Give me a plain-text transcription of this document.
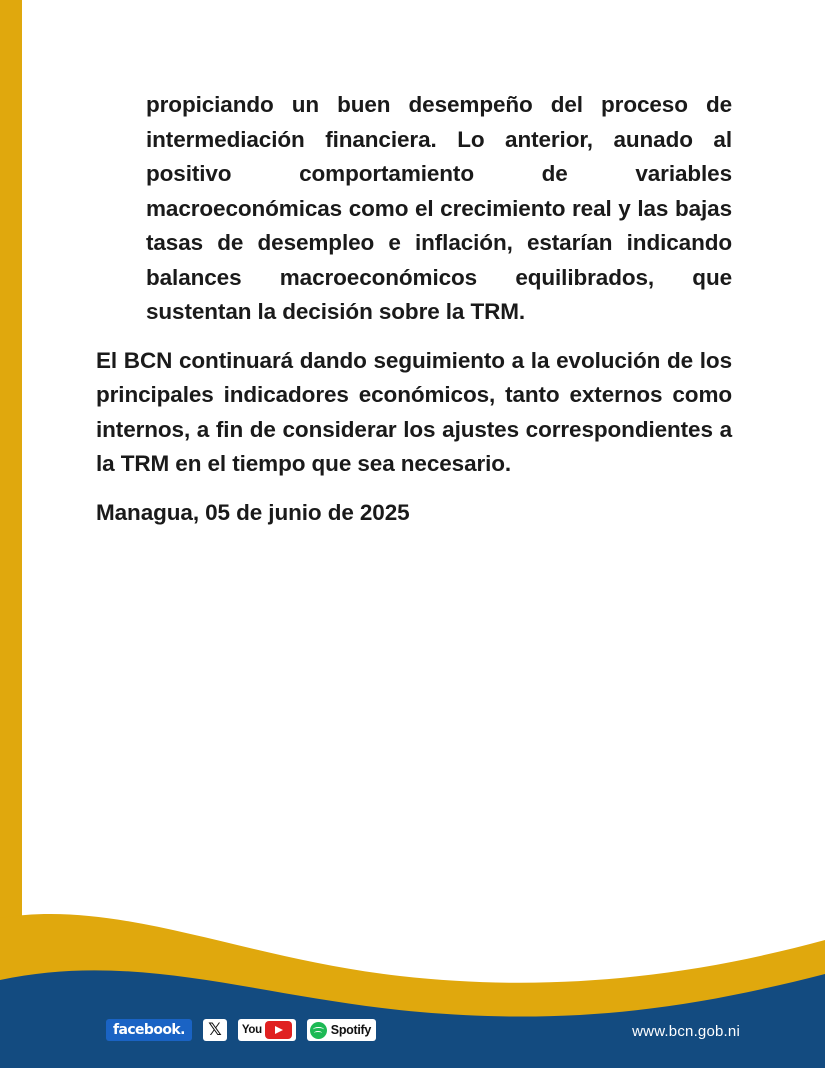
propiciando un buen desempeño del proceso de intermediación financiera. Lo anterior, aunado al positivo comportamiento de variables macroeconómicas como el crecimiento real y las bajas tasas de desempleo e inflación, estarían indicando balances macroeconómicos equilibrados, que sustentan la decisión sobre la TRM.

El BCN continuará dando seguimiento a la evolución de los principales indicadores económicos, tanto externos como internos, a fin de considerar los ajustes correspondientes a la TRM en el tiempo que sea necesario.

Managua, 05 de junio de 2025

facebook.	𝕏	You	Spotify	www.bcn.gob.ni
